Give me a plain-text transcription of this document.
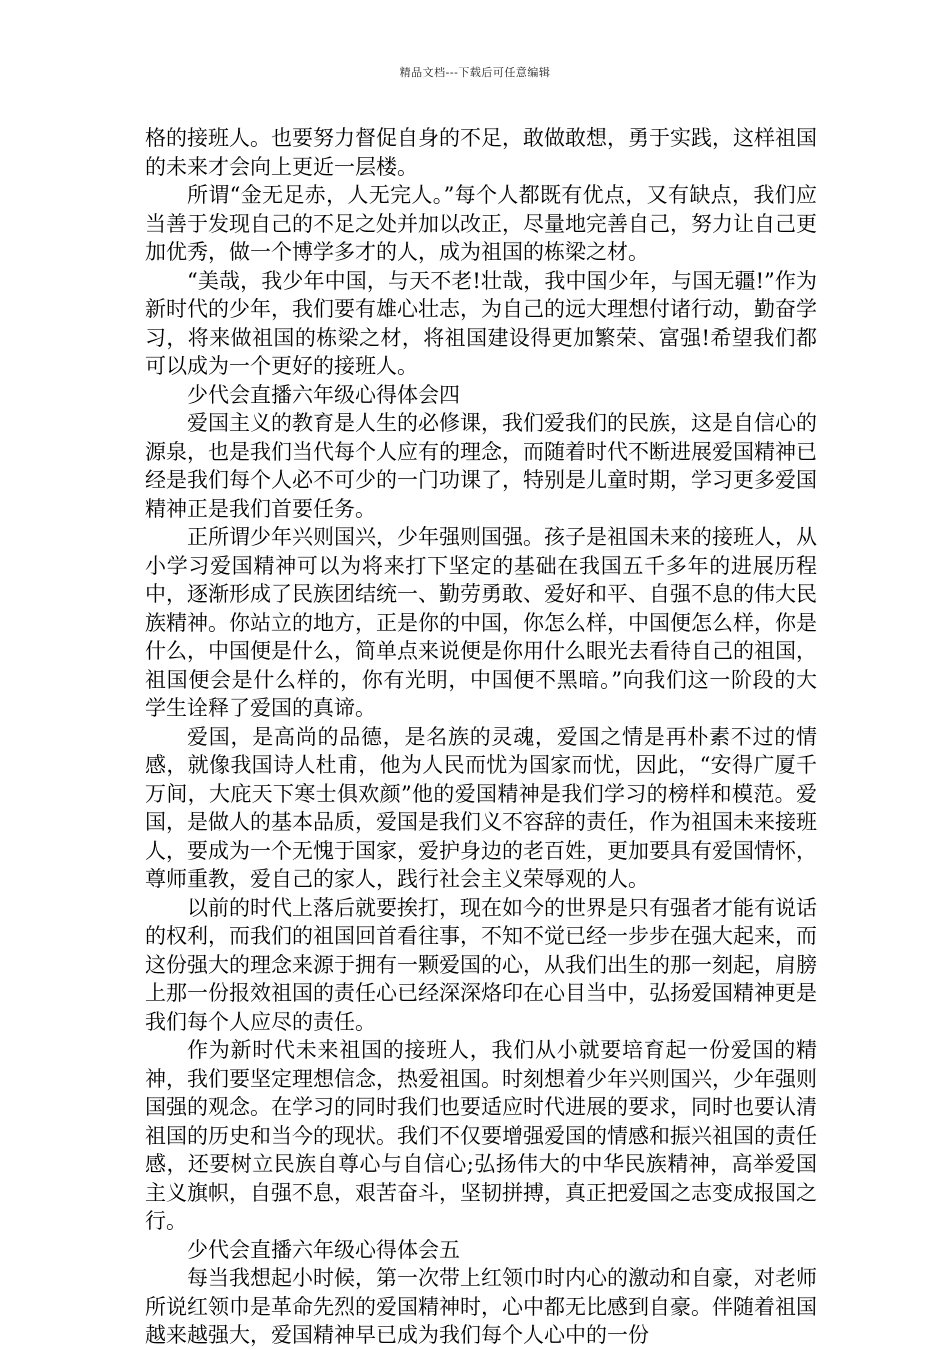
精品文档---下载后可任意编辑

格的接班人。也要努力督促自身的不足，敢做敢想，勇于实践，这样祖国的未来才会向上更近一层楼。

所谓“金无足赤，人无完人。”每个人都既有优点，又有缺点，我们应当善于发现自己的不足之处并加以改正，尽量地完善自己，努力让自己更加优秀，做一个博学多才的人，成为祖国的栋梁之材。

“美哉，我少年中国，与天不老!壮哉，我中国少年，与国无疆!”作为新时代的少年，我们要有雄心壮志，为自己的远大理想付诸行动，勤奋学习，将来做祖国的栋梁之材，将祖国建设得更加繁荣、富强!希望我们都可以成为一个更好的接班人。

少代会直播六年级心得体会四

爱国主义的教育是人生的必修课，我们爱我们的民族，这是自信心的源泉，也是我们当代每个人应有的理念，而随着时代不断进展爱国精神已经是我们每个人必不可少的一门功课了，特别是儿童时期，学习更多爱国精神正是我们首要任务。

正所谓少年兴则国兴，少年强则国强。孩子是祖国未来的接班人，从小学习爱国精神可以为将来打下坚定的基础在我国五千多年的进展历程中，逐渐形成了民族团结统一、勤劳勇敢、爱好和平、自强不息的伟大民族精神。你站立的地方，正是你的中国，你怎么样，中国便怎么样，你是什么，中国便是什么，简单点来说便是你用什么眼光去看待自己的祖国，祖国便会是什么样的，你有光明，中国便不黑暗。”向我们这一阶段的大学生诠释了爱国的真谛。

爱国，是高尚的品德，是名族的灵魂，爱国之情是再朴素不过的情感，就像我国诗人杜甫，他为人民而忧为国家而忧，因此，“安得广厦千万间，大庇天下寒士俱欢颜”他的爱国精神是我们学习的榜样和模范。爱国，是做人的基本品质，爱国是我们义不容辞的责任，作为祖国未来接班人，要成为一个无愧于国家，爱护身边的老百姓，更加要具有爱国情怀，尊师重教，爱自己的家人，践行社会主义荣辱观的人。

以前的时代上落后就要挨打，现在如今的世界是只有强者才能有说话的权利，而我们的祖国回首看往事，不知不觉已经一步步在强大起来，而这份强大的理念来源于拥有一颗爱国的心，从我们出生的那一刻起，肩膀上那一份报效祖国的责任心已经深深烙印在心目当中，弘扬爱国精神更是我们每个人应尽的责任。

作为新时代未来祖国的接班人，我们从小就要培育起一份爱国的精神，我们要坚定理想信念，热爱祖国。时刻想着少年兴则国兴，少年强则国强的观念。在学习的同时我们也要适应时代进展的要求，同时也要认清祖国的历史和当今的现状。我们不仅要增强爱国的情感和振兴祖国的责任感，还要树立民族自尊心与自信心;弘扬伟大的中华民族精神，高举爱国主义旗帜，自强不息，艰苦奋斗，坚韧拼搏，真正把爱国之志变成报国之行。

少代会直播六年级心得体会五

每当我想起小时候，第一次带上红领巾时内心的激动和自豪，对老师所说红领巾是革命先烈的爱国精神时，心中都无比感到自豪。伴随着祖国越来越强大，爱国精神早已成为我们每个人心中的一份
